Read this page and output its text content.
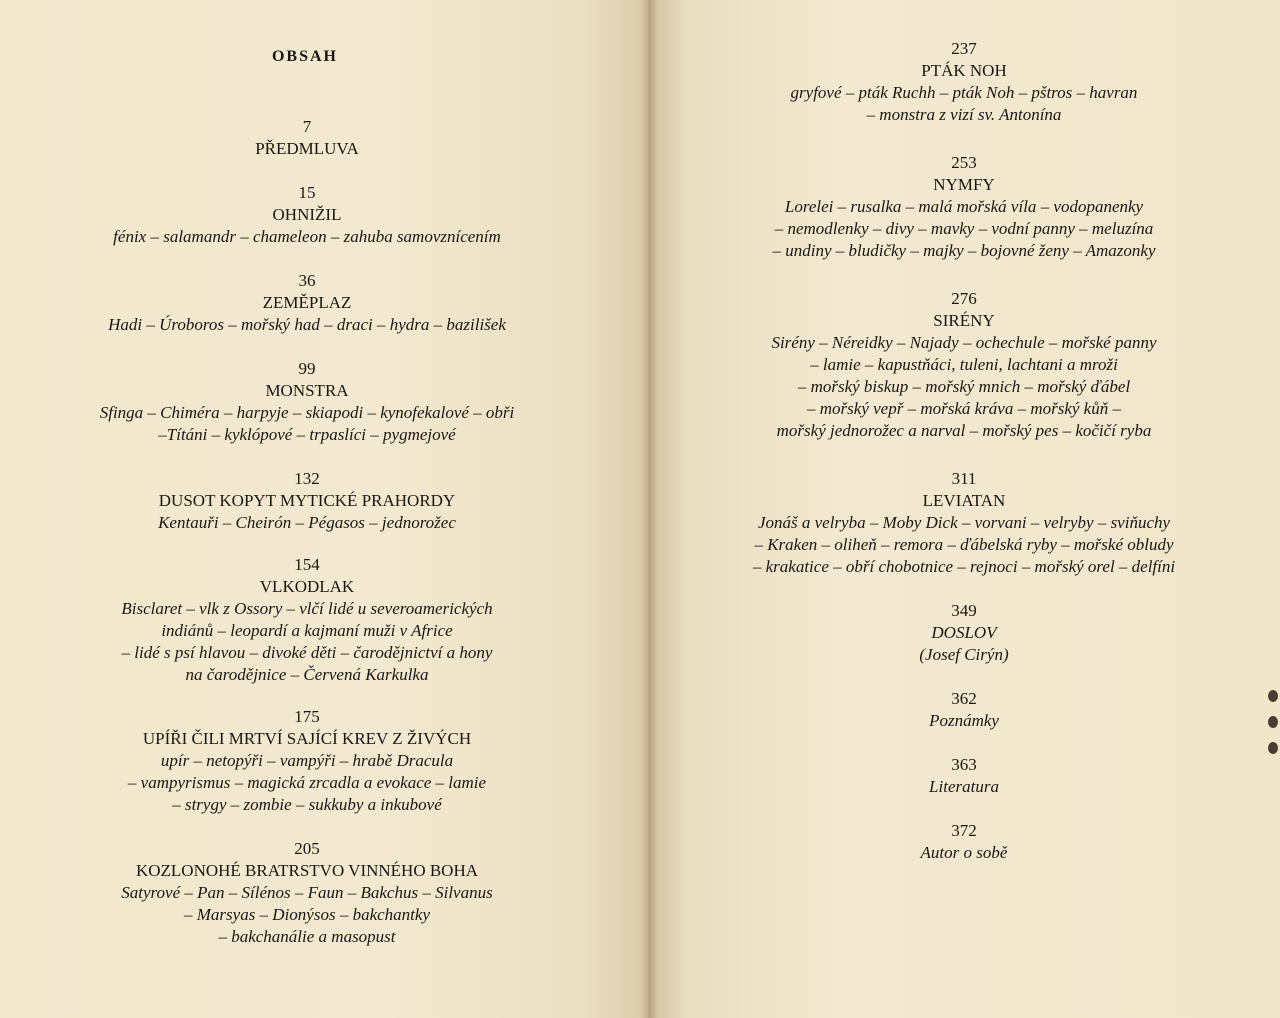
OBSAH
7
PŘEDMLUVA
15
OHNIŽIL
fénix – salamandr – chameleon – zahuba samovznícením
36
ZEMĚPLAZ
Hadi – Úroboros – mořský had – draci – hydra – bazilišek
99
MONSTRA
Sfinga – Chiméra – harpyje – skiapodi – kynofekalové – obři
–Títáni – kyklópové – trpaslíci – pygmejové
132
DUSOT KOPYT MYTICKÉ PRAHORDY
Kentauři – Cheirón – Pégasos – jednorožec
154
VLKODLAK
Bisclaret – vlk z Ossory – vlčí lidé u severoamerických
indiánů – leopardí a kajmaní muži v Africe
– lidé s psí hlavou – divoké děti – čarodějnictví a hony
na čarodějnice – Červená Karkulka
175
UPÍŘI ČILI MRTVÍ SAJÍCÍ KREV Z ŽIVÝCH
upír – netopýři – vampýři – hrabě Dracula
– vampyrismus – magická zrcadla a evokace – lamie
– strygy – zombie – sukkuby a inkubové
205
KOZLONOHÉ BRATRSTVO VINNÉHO BOHA
Satyrové – Pan – Sílénos – Faun – Bakchus – Silvanus
– Marsyas – Dionýsos – bakchantky
– bakchanálie a masopust
237
PTÁK NOH
gryfové – pták Ruchh – pták Noh – pštros – havran
– monstra z vizí sv. Antonína
253
NYMFY
Lorelei – rusalka – malá mořská víla – vodopanenky
– nemodlenky – divy – mavky – vodní panny – meluzína
– undiny – bludičky – majky – bojovné ženy – Amazonky
276
SIRÉNY
Sirény – Néreidky – Najady – ochechule – mořské panny
– lamie – kapustňáci, tuleni, lachtani a mroži
– mořský biskup – mořský mnich – mořský ďábel
– mořský vepř – mořská kráva – mořský kůň –
mořský jednorožec a narval – mořský pes – kočičí ryba
311
LEVIATAN
Jonáš a velryba – Moby Dick – vorvani – velryby – sviňuchy
– Kraken – oliheň – remora – ďábelská ryby – mořské obludy
– krakatice – obří chobotnice – rejnoci – mořský orel – delfíni
349
DOSLOV
(Josef Cirýn)
362
Poznámky
363
Literatura
372
Autor o sobě
